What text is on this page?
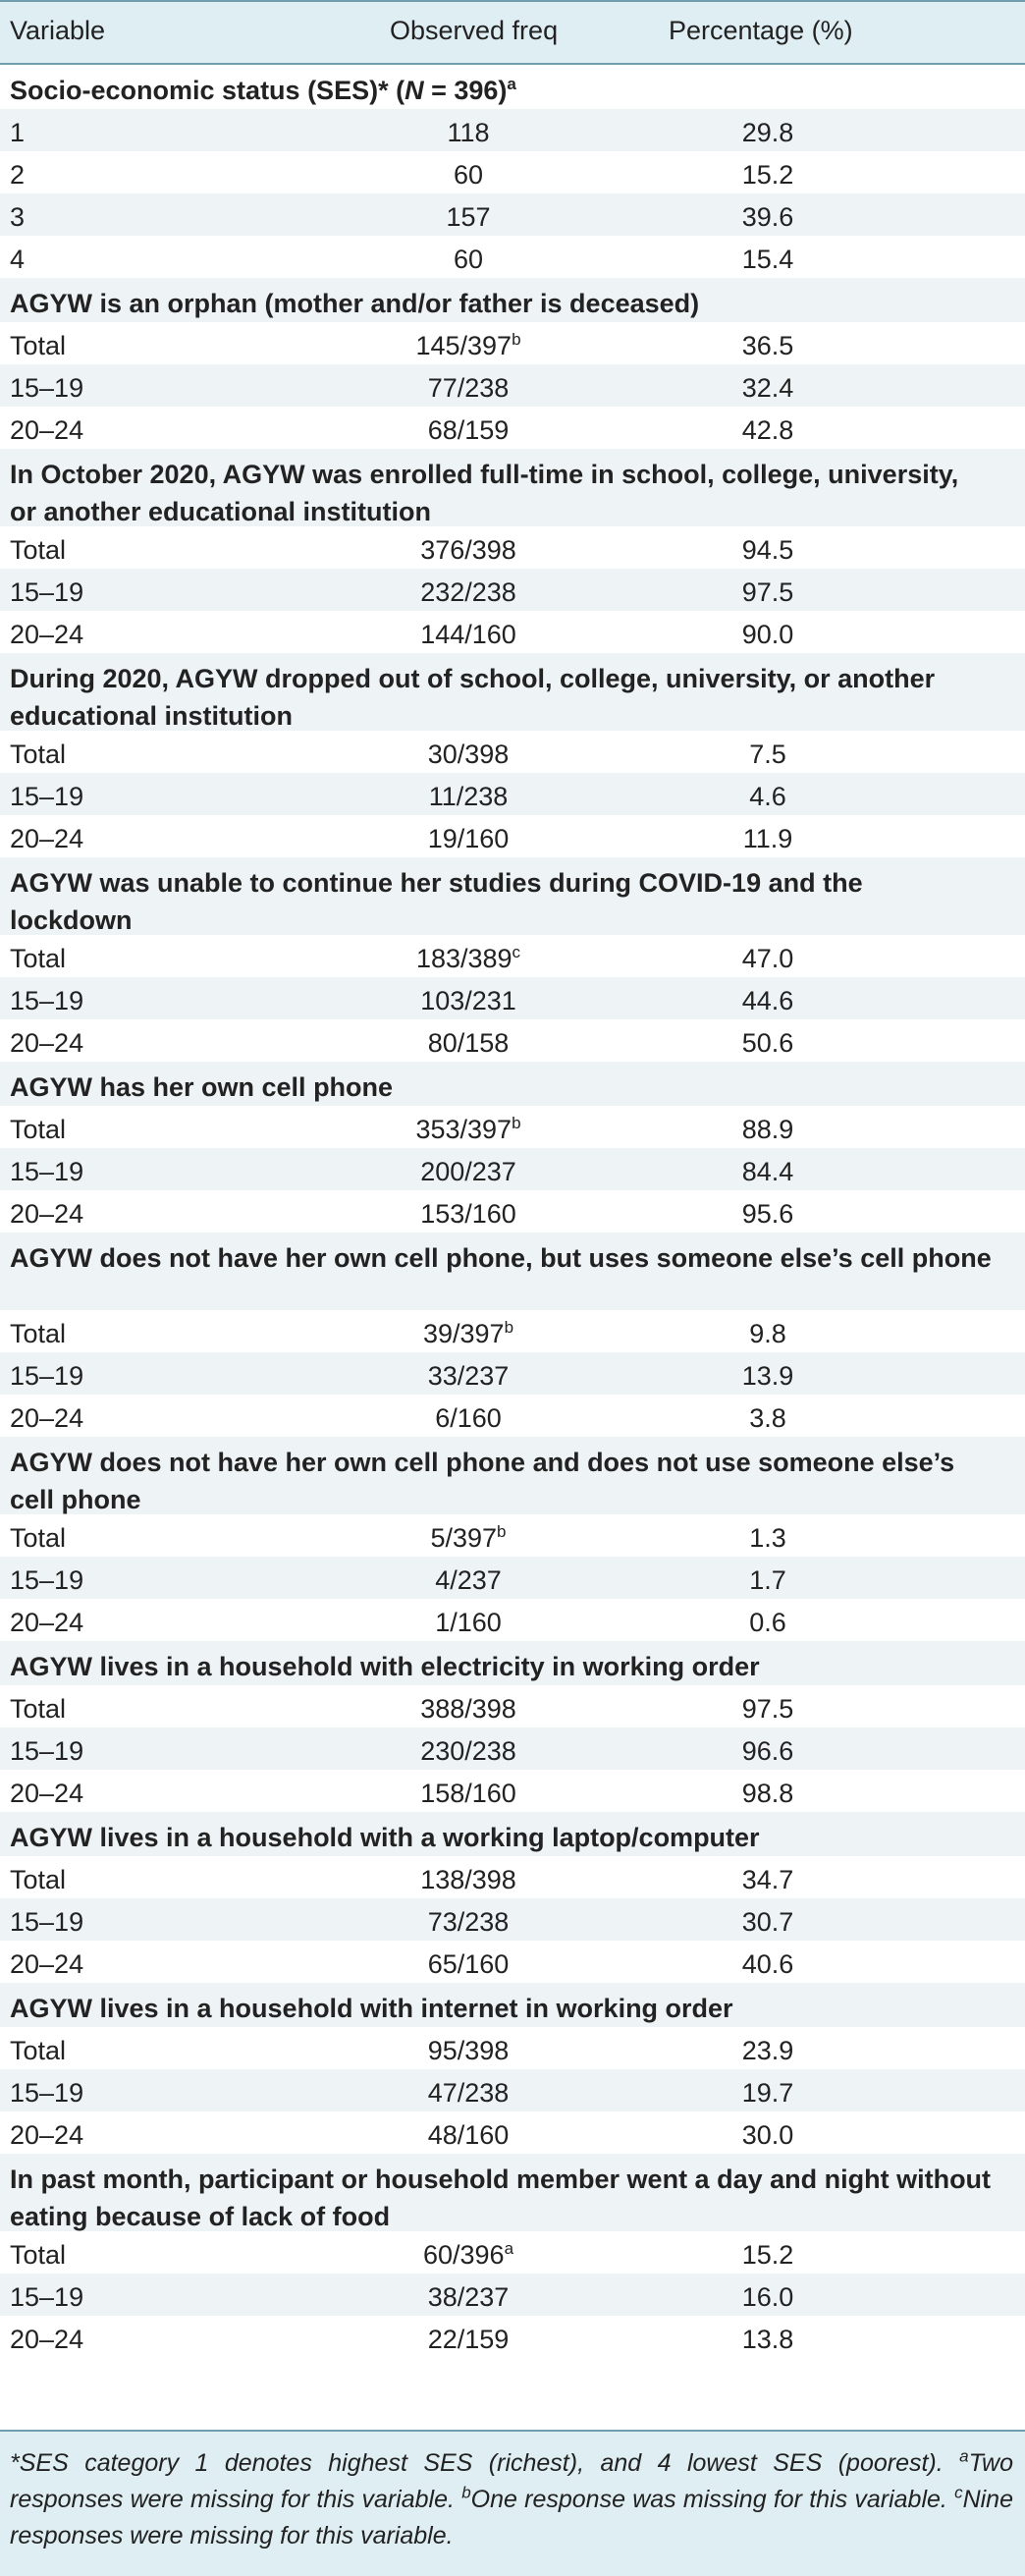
Variable	Observed freq	Percentage (%)
Socio-economic status (SES)* (N = 396)$^a$
1	118	29.8
2	60	15.2
3	157	39.6
4	60	15.4
AGYW is an orphan (mother and/or father is deceased)
Total	145/397$^b$	36.5
15–19	77/238	32.4
20–24	68/159	42.8
In October 2020, AGYW was enrolled full-time in school, college, university, or another educational institution
Total	376/398	94.5
15–19	232/238	97.5
20–24	144/160	90.0
During 2020, AGYW dropped out of school, college, university, or another educational institution
Total	30/398	7.5
15–19	11/238	4.6
20–24	19/160	11.9
AGYW was unable to continue her studies during COVID-19 and the lockdown
Total	183/389$^c$	47.0
15–19	103/231	44.6
20–24	80/158	50.6
AGYW has her own cell phone
Total	353/397$^b$	88.9
15–19	200/237	84.4
20–24	153/160	95.6
AGYW does not have her own cell phone, but uses someone else’s cell phone
Total	39/397$^b$	9.8
15–19	33/237	13.9
20–24	6/160	3.8
AGYW does not have her own cell phone and does not use someone else’s cell phone
Total	5/397$^b$	1.3
15–19	4/237	1.7
20–24	1/160	0.6
AGYW lives in a household with electricity in working order
Total	388/398	97.5
15–19	230/238	96.6
20–24	158/160	98.8
AGYW lives in a household with a working laptop/computer
Total	138/398	34.7
15–19	73/238	30.7
20–24	65/160	40.6
AGYW lives in a household with internet in working order
Total	95/398	23.9
15–19	47/238	19.7
20–24	48/160	30.0
In past month, participant or household member went a day and night without eating because of lack of food
Total	60/396$^a$	15.2
15–19	38/237	16.0
20–24	22/159	13.8
*SES category 1 denotes highest SES (richest), and 4 lowest SES (poorest). $^a$Two responses were missing for this variable. $^b$One response was missing for this variable. $^c$Nine responses were missing for this variable.
